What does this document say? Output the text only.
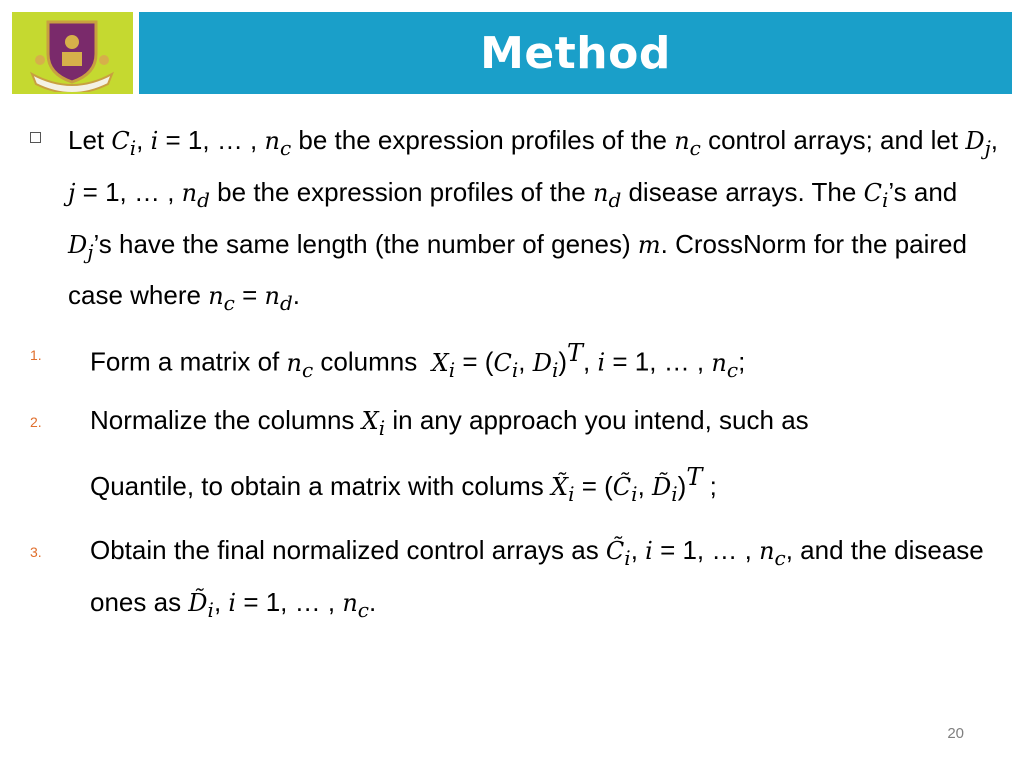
Method
Let $C_i$, i = 1, … , $n_c$ be the expression profiles of the $n_c$ control arrays; and let $D_j$, j = 1, … , $n_d$ be the expression profiles of the $n_d$ disease arrays. The $C_i’s$ and $D_j’s$ have the same length (the number of genes) m. CrossNorm for the paired case where $n_c = n_d$.
1. Form a matrix of $n_c$ columns  $X_i = (C_i$, $D_i)^T$, i = 1, … , $n_c$;
2. Normalize the columns $X_i$ in any approach you intend, such as
Quantile, to obtain a matrix with colums $X̃_i$ = ($C̃_i$, $D̃_i)^T$ ;
3. Obtain the final normalized control arrays as $C̃_i$, i = 1, … , $n_c$, and the disease ones as $D̃_i$, i = 1, … , $n_c$.
20
